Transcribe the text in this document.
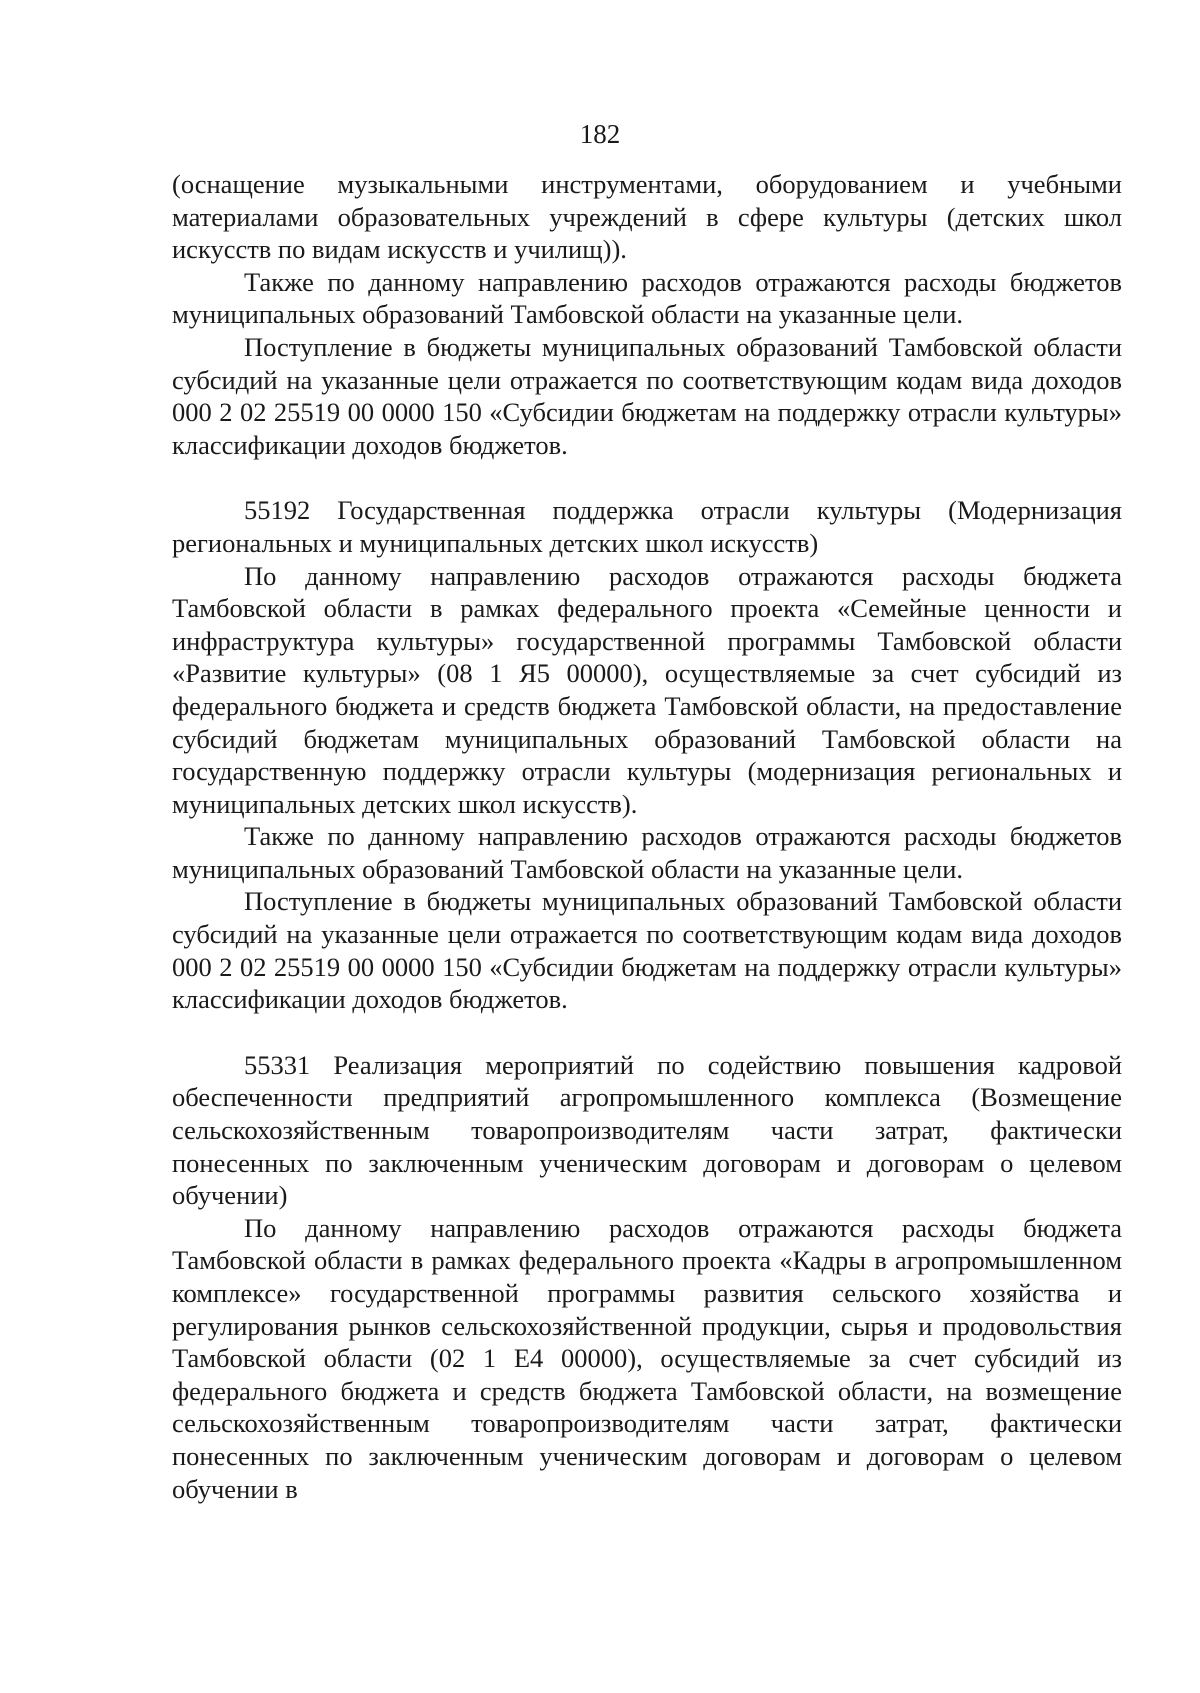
182

(оснащение музыкальными инструментами, оборудованием и учебными материалами образовательных учреждений в сфере культуры (детских школ искусств по видам искусств и училищ)).

Также по данному направлению расходов отражаются расходы бюджетов муниципальных образований Тамбовской области на указанные цели.

Поступление в бюджеты муниципальных образований Тамбовской области субсидий на указанные цели отражается по соответствующим кодам вида доходов 000 2 02 25519 00 0000 150 «Субсидии бюджетам на поддержку отрасли культуры» классификации доходов бюджетов.

55192 Государственная поддержка отрасли культуры (Модернизация региональных и муниципальных детских школ искусств)

По данному направлению расходов отражаются расходы бюджета Тамбовской области в рамках федерального проекта «Семейные ценности и инфраструктура культуры» государственной программы Тамбовской области «Развитие культуры» (08 1 Я5 00000), осуществляемые за счет субсидий из федерального бюджета и средств бюджета Тамбовской области, на предоставление субсидий бюджетам муниципальных образований Тамбовской области на государственную поддержку отрасли культуры (модернизация региональных и муниципальных детских школ искусств).

Также по данному направлению расходов отражаются расходы бюджетов муниципальных образований Тамбовской области на указанные цели.

Поступление в бюджеты муниципальных образований Тамбовской области субсидий на указанные цели отражается по соответствующим кодам вида доходов 000 2 02 25519 00 0000 150 «Субсидии бюджетам на поддержку отрасли культуры» классификации доходов бюджетов.

55331 Реализация мероприятий по содействию повышения кадровой обеспеченности предприятий агропромышленного комплекса (Возмещение сельскохозяйственным товаропроизводителям части затрат, фактически понесенных по заключенным ученическим договорам и договорам о целевом обучении)

По данному направлению расходов отражаются расходы бюджета Тамбовской области в рамках федерального проекта «Кадры в агропромышленном комплексе» государственной программы развития сельского хозяйства и регулирования рынков сельскохозяйственной продукции, сырья и продовольствия Тамбовской области (02 1 Е4 00000), осуществляемые за счет субсидий из федерального бюджета и средств бюджета Тамбовской области, на возмещение сельскохозяйственным товаропроизводителям части затрат, фактически понесенных по заключенным ученическим договорам и договорам о целевом обучении в
